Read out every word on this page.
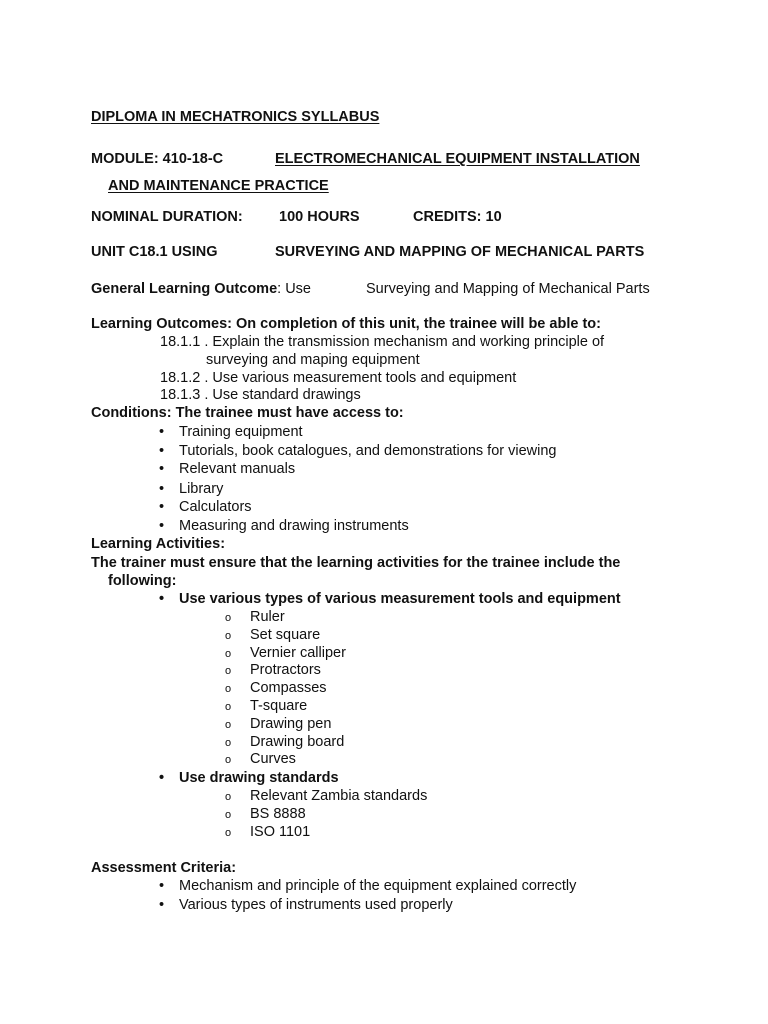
DIPLOMA IN MECHATRONICS SYLLABUS
MODULE: 410-18-C	ELECTROMECHANICAL EQUIPMENT INSTALLATION
AND MAINTENANCE PRACTICE
NOMINAL DURATION:	100 HOURS	CREDITS: 10
UNIT C18.1 USING	SURVEYING AND MAPPING OF MECHANICAL PARTS
General Learning Outcome: Use	Surveying and Mapping of Mechanical Parts
Learning Outcomes: On completion of this unit, the trainee will be able to:
18.1.1 . Explain the transmission mechanism and working principle of
surveying and maping equipment
18.1.2 . Use various measurement tools and equipment
18.1.3 . Use standard drawings
Conditions: The trainee must have access to:
• Training equipment
• Tutorials, book catalogues, and demonstrations for viewing
• Relevant manuals
• Library
• Calculators
• Measuring and drawing instruments
Learning Activities:
The trainer must ensure that the learning activities for the trainee include the
following:
• Use various types of various measurement tools and equipment
o Ruler
o Set square
o Vernier calliper
o Protractors
o Compasses
o T-square
o Drawing pen
o Drawing board
o Curves
• Use drawing standards
o Relevant Zambia standards
o BS 8888
o ISO 1101
Assessment Criteria:
• Mechanism and principle of the equipment explained correctly
• Various types of instruments used properly
